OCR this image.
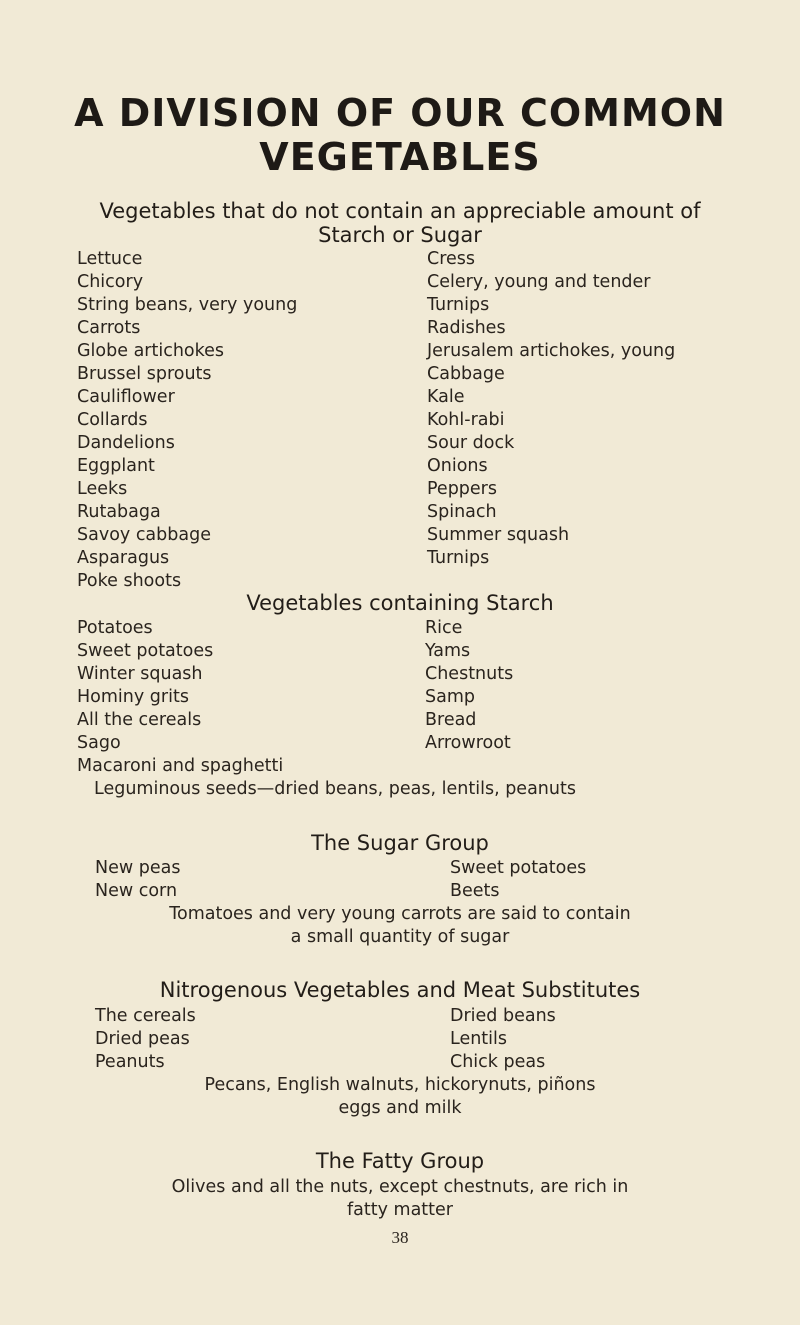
A DIVISION OF OUR COMMON
VEGETABLES
Vegetables that do not contain an appreciable amount of
Starch or Sugar
Lettuce
Chicory
String beans, very young
Carrots
Globe artichokes
Brussel sprouts
Cauliflower
Collards
Dandelions
Eggplant
Leeks
Rutabaga
Savoy cabbage
Asparagus
Poke shoots
Cress
Celery, young and tender
Turnips
Radishes
Jerusalem artichokes, young
Cabbage
Kale
Kohl-rabi
Sour dock
Onions
Peppers
Spinach
Summer squash
Turnips
Vegetables containing Starch
Potatoes
Sweet potatoes
Winter squash
Hominy grits
All the cereals
Sago
Rice
Yams
Chestnuts
Samp
Bread
Arrowroot
Macaroni and spaghetti
Leguminous seeds—dried beans, peas, lentils, peanuts
The Sugar Group
New peas
New corn
Sweet potatoes
Beets
Tomatoes and very young carrots are said to contain
a small quantity of sugar
Nitrogenous Vegetables and Meat Substitutes
The cereals
Dried peas
Peanuts
Dried beans
Lentils
Chick peas
Pecans, English walnuts, hickorynuts, piñons
eggs and milk
The Fatty Group
Olives and all the nuts, except chestnuts, are rich in
fatty matter
38
